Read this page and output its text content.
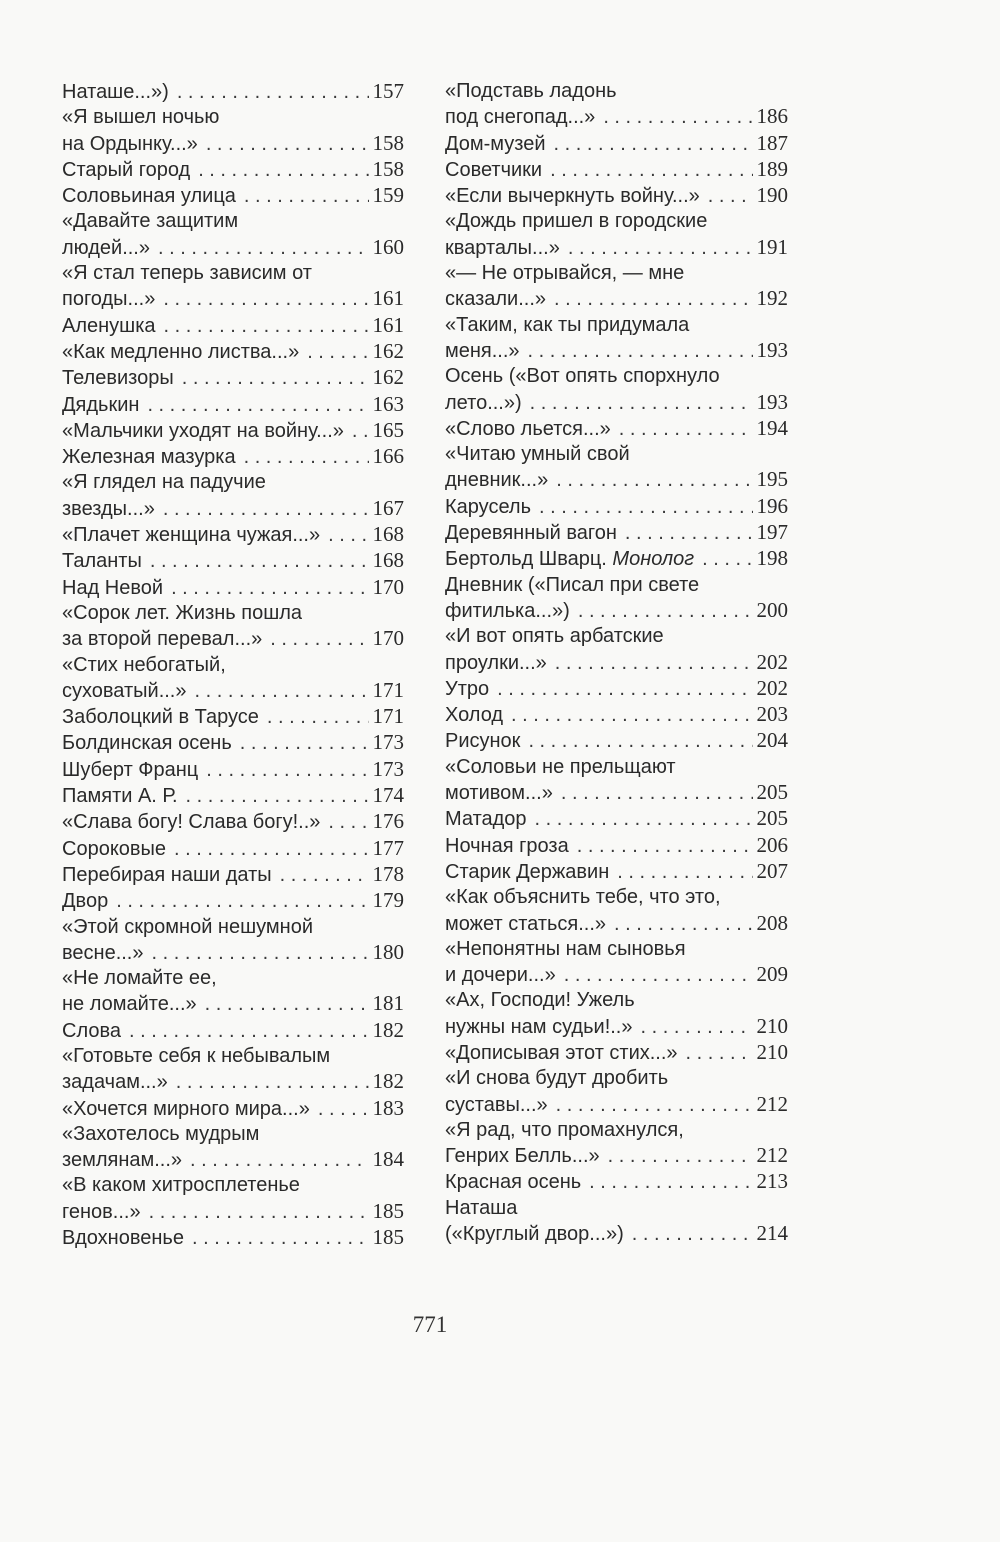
Наташе...») . . .	157
«Я вышел ночью
на Ордынку...» . . .	158
Старый город . . .	158
Соловьиная улица . . .	159
«Давайте защитим
людей...» . . .	160
«Я стал теперь зависим от
погоды...» . . .	161
Аленушка . . .	161
«Как медленно листва...» . . .	162
Телевизоры . . .	162
Дядькин . . .	163
«Мальчики уходят на войну...» . . . 165
Железная мазурка . . .	166
«Я глядел на падучие
звезды...» . . .	167
«Плачет женщина чужая...» . . . 168
Таланты . . .	168
Над Невой . . .	170
«Сорок лет. Жизнь пошла
за второй перевал...» . . .	170
«Стих небогатый,
суховатый...» . . .	171
Заболоцкий в Тарусе . . .	171
Болдинская осень . . .	173
Шуберт Франц . . .	173
Памяти А. Р. . . .	174
«Слава богу! Слава богу!..» . . . 176
Сороковые . . .	177
Перебирая наши даты . . .	178
Двор . . .	179
«Этой скромной нешумной
весне...» . . .	180
«Не ломайте ее,
не ломайте...» . . .	181
Слова . . .	182
«Готовьте себя к небывалым
задачам...» . . .	182
«Хочется мирного мира...» . . .	183
«Захотелось мудрым
землянам...» . . .	184
«В каком хитросплетенье
генов...» . . .	185
Вдохновенье . . .	185
«Подставь ладонь
под снегопад...» . . .	186
Дом-музей . . .	187
Советчики . . .	189
«Если вычеркнуть войну...» . . .	190
«Дождь пришел в городские
кварталы...» . . .	191
«— Не отрывайся, — мне
сказали...» . . .	192
«Таким, как ты придумала
меня...» . . .	193
Осень («Вот опять спорхнуло
лето...») . . .	193
«Слово льется...» . . .	194
«Читаю умный свой
дневник...» . . .	195
Карусель . . .	196
Деревянный вагон . . .	197
Бертольд Шварц. Монолог . . .	198
Дневник («Писал при свете
фитилька...») . . .	200
«И вот опять арбатские
проулки...» . . .	202
Утро . . .	202
Холод . . .	203
Рисунок . . .	204
«Соловьи не прельщают
мотивом...» . . .	205
Матадор . . .	205
Ночная гроза . . .	206
Старик Державин . . .	207
«Как объяснить тебе, что это,
может статься...» . . .	208
«Непонятны нам сыновья
и дочери...» . . .	209
«Ах, Господи! Ужель
нужны нам судьи!..» . . .	210
«Дописывая этот стих...» . . .	210
«И снова будут дробить
суставы...» . . .	212
«Я рад, что промахнулся,
Генрих Белль...» . . .	212
Красная осень . . .	213
Наташа
(«Круглый двор...») . . .	214
771
